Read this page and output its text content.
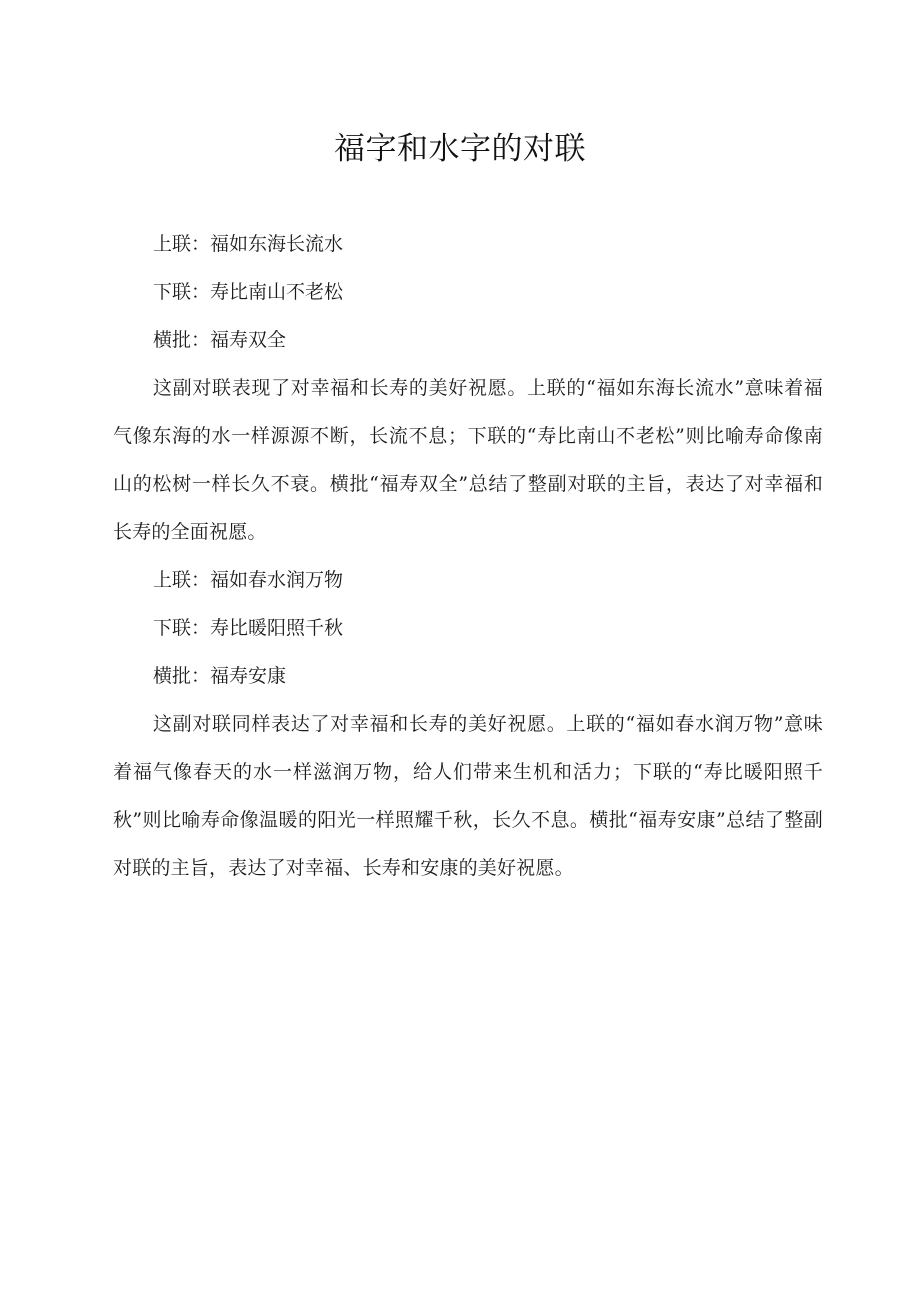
福字和水字的对联

上联：福如东海长流水

下联：寿比南山不老松

横批：福寿双全

这副对联表现了对幸福和长寿的美好祝愿。上联的“福如东海长流水”意味着福气像东海的水一样源源不断，长流不息；下联的“寿比南山不老松”则比喻寿命像南山的松树一样长久不衰。横批“福寿双全”总结了整副对联的主旨，表达了对幸福和长寿的全面祝愿。

上联：福如春水润万物

下联：寿比暖阳照千秋

横批：福寿安康

这副对联同样表达了对幸福和长寿的美好祝愿。上联的“福如春水润万物”意味着福气像春天的水一样滋润万物，给人们带来生机和活力；下联的“寿比暖阳照千秋”则比喻寿命像温暖的阳光一样照耀千秋，长久不息。横批“福寿安康”总结了整副对联的主旨，表达了对幸福、长寿和安康的美好祝愿。
